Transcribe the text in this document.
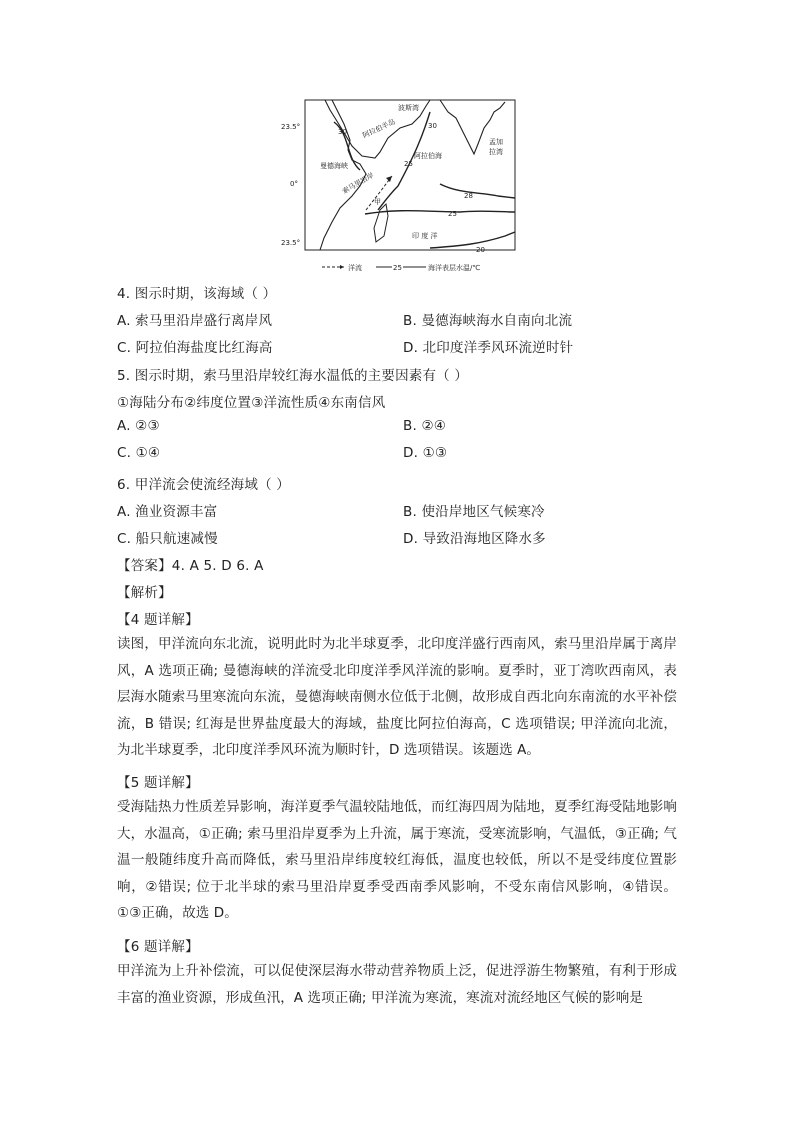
23.5°
0°
23.5°
波斯湾
阿拉伯半岛
阿拉伯海
孟加
拉湾
曼德海峡
索马里沿岸
甲
印 度 洋
30
30
25
28
25
20
洋流	25	海洋表层水温/℃
4. 图示时期，该海域（ ）
A. 索马里沿岸盛行离岸风	B. 曼德海峡海水自南向北流
C. 阿拉伯海盐度比红海高	D. 北印度洋季风环流逆时针
5. 图示时期，索马里沿岸较红海水温低的主要因素有（ ）
①海陆分布②纬度位置③洋流性质④东南信风
A. ②③	B. ②④
C. ①④	D. ①③
6. 甲洋流会使流经海域（ ）
A. 渔业资源丰富	B. 使沿岸地区气候寒冷
C. 船只航速减慢	D. 导致沿海地区降水多
【答案】4. A 5. D 6. A
【解析】
【4 题详解】
读图，甲洋流向东北流，说明此时为北半球夏季，北印度洋盛行西南风，索马里沿岸属于离岸风，A 选项正确; 曼德海峡的洋流受北印度洋季风洋流的影响。夏季时，亚丁湾吹西南风，表层海水随索马里寒流向东流，曼德海峡南侧水位低于北侧，故形成自西北向东南流的水平补偿流，B 错误; 红海是世界盐度最大的海域，盐度比阿拉伯海高，C 选项错误; 甲洋流向北流，为北半球夏季，北印度洋季风环流为顺时针，D 选项错误。该题选 A。
【5 题详解】
受海陆热力性质差异影响，海洋夏季气温较陆地低，而红海四周为陆地，夏季红海受陆地影响大，水温高，①正确; 索马里沿岸夏季为上升流，属于寒流，受寒流影响，气温低，③正确; 气温一般随纬度升高而降低，索马里沿岸纬度较红海低，温度也较低，所以不是受纬度位置影响，②错误; 位于北半球的索马里沿岸夏季受西南季风影响，不受东南信风影响，④错误。①③正确，故选 D。
【6 题详解】
甲洋流为上升补偿流，可以促使深层海水带动营养物质上泛，促进浮游生物繁殖，有利于形成丰富的渔业资源，形成鱼汛，A 选项正确; 甲洋流为寒流，寒流对流经地区气候的影响是
